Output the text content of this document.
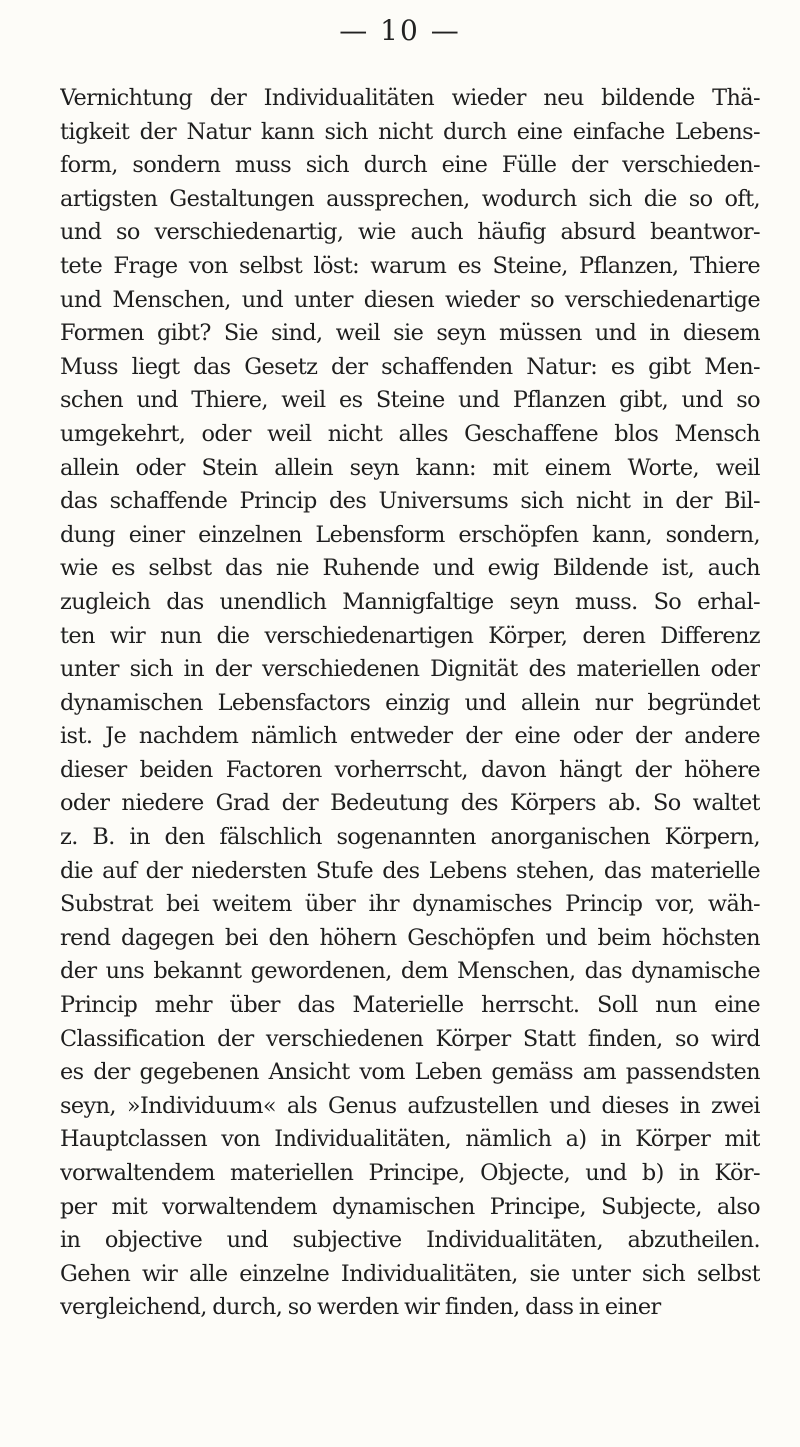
— 10 —
Vernichtung der Individualitäten wieder neu bildende Thä-
tigkeit der Natur kann sich nicht durch eine einfache Lebens-
form, sondern muss sich durch eine Fülle der verschieden-
artigsten Gestaltungen aussprechen, wodurch sich die so oft,
und so verschiedenartig, wie auch häufig absurd beantwor-
tete Frage von selbst löst: warum es Steine, Pflanzen, Thiere
und Menschen, und unter diesen wieder so verschiedenartige
Formen gibt? Sie sind, weil sie seyn müssen und in diesem
Muss liegt das Gesetz der schaffenden Natur: es gibt Men-
schen und Thiere, weil es Steine und Pflanzen gibt, und so
umgekehrt, oder weil nicht alles Geschaffene blos Mensch
allein oder Stein allein seyn kann: mit einem Worte, weil
das schaffende Princip des Universums sich nicht in der Bil-
dung einer einzelnen Lebensform erschöpfen kann, sondern,
wie es selbst das nie Ruhende und ewig Bildende ist, auch
zugleich das unendlich Mannigfaltige seyn muss. So erhal-
ten wir nun die verschiedenartigen Körper, deren Differenz
unter sich in der verschiedenen Dignität des materiellen oder
dynamischen Lebensfactors einzig und allein nur begründet
ist. Je nachdem nämlich entweder der eine oder der andere
dieser beiden Factoren vorherrscht, davon hängt der höhere
oder niedere Grad der Bedeutung des Körpers ab. So waltet
z. B. in den fälschlich sogenannten anorganischen Körpern,
die auf der niedersten Stufe des Lebens stehen, das materielle
Substrat bei weitem über ihr dynamisches Princip vor, wäh-
rend dagegen bei den höhern Geschöpfen und beim höchsten
der uns bekannt gewordenen, dem Menschen, das dynamische
Princip mehr über das Materielle herrscht. Soll nun eine
Classification der verschiedenen Körper Statt finden, so wird
es der gegebenen Ansicht vom Leben gemäss am passendsten
seyn, »Individuum« als Genus aufzustellen und dieses in zwei
Hauptclassen von Individualitäten, nämlich a) in Körper mit
vorwaltendem materiellen Principe, Objecte, und b) in Kör-
per mit vorwaltendem dynamischen Principe, Subjecte, also
in objective und subjective Individualitäten, abzutheilen.
Gehen wir alle einzelne Individualitäten, sie unter sich selbst
vergleichend, durch, so werden wir finden, dass in einer
